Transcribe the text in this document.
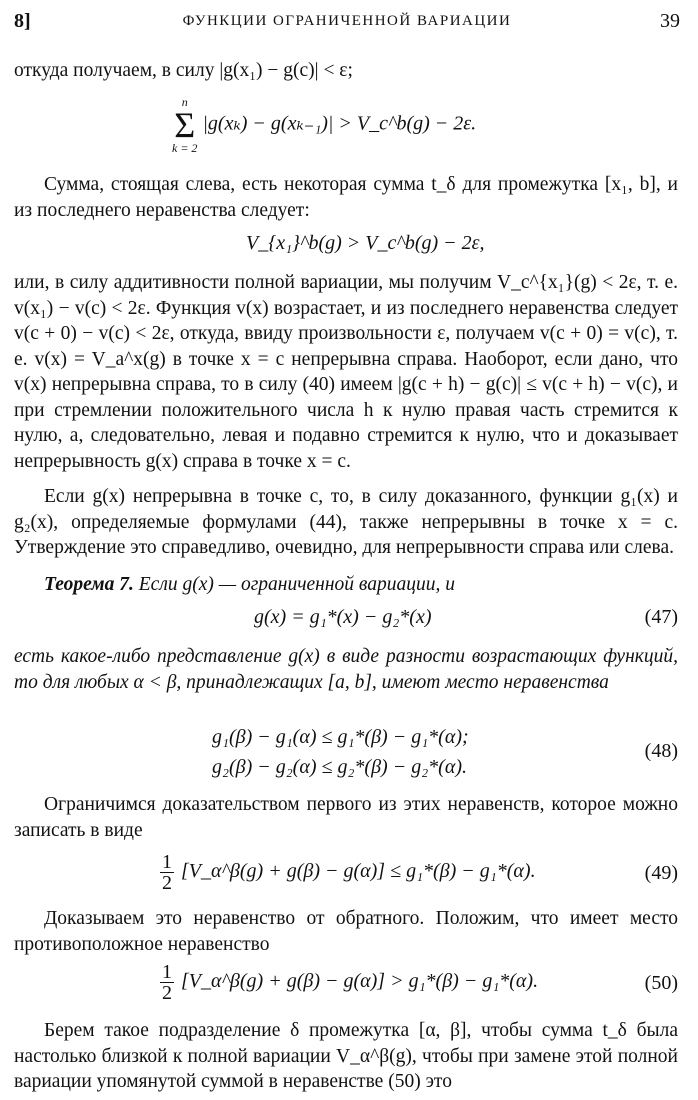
8]	ФУНКЦИИ ОГРАНИЧЕННОЙ ВАРИАЦИИ	39
откуда получаем, в силу |g(x₁) − g(c)| < ε;
n
Σ
k = 2
|g(xₖ) − g(xₖ₋₁)| > V_c^b(g) − 2ε.
Сумма, стоящая слева, есть некоторая сумма t_δ для промежутка [x₁, b], и из последнего неравенства следует:
V_{x₁}^b(g) > V_c^b(g) − 2ε,
или, в силу аддитивности полной вариации, мы получим V_c^{x₁}(g) < 2ε, т. е. v(x₁) − v(c) < 2ε. Функция v(x) возрастает, и из последнего неравенства следует v(c + 0) − v(c) < 2ε, откуда, ввиду произвольности ε, получаем v(c + 0) = v(c), т. е. v(x) = V_a^x(g) в точке x = c непрерывна справа. Наоборот, если дано, что v(x) непрерывна справа, то в силу (40) имеем |g(c + h) − g(c)| ≤ v(c + h) − v(c), и при стремлении положительного числа h к нулю правая часть стремится к нулю, а, следовательно, левая и подавно стремится к нулю, что и доказывает непрерывность g(x) справа в точке x = c.
Если g(x) непрерывна в точке c, то, в силу доказанного, функции g₁(x) и g₂(x), определяемые формулами (44), также непрерывны в точке x = c. Утверждение это справедливо, очевидно, для непрерывности справа или слева.
Теорема 7. Если g(x) — ограниченной вариации, и
g(x) = g₁*(x) − g₂*(x)	(47)
есть какое-либо представление g(x) в виде разности возрастающих функций, то для любых α < β, принадлежащих [a, b], имеют место неравенства
g₁(β) − g₁(α) ≤ g₁*(β) − g₁*(α);
g₂(β) − g₂(α) ≤ g₂*(β) − g₂*(α).
(48)
Ограничимся доказательством первого из этих неравенств, которое можно записать в виде
$\frac{1}{2}$ [V_α^β(g) + g(β) − g(α)] ≤ g₁*(β) − g₁*(α).	(49)
Доказываем это неравенство от обратного. Положим, что имеет место противоположное неравенство
$\frac{1}{2}$ [V_α^β(g) + g(β) − g(α)] > g₁*(β) − g₁*(α).	(50)
Берем такое подразделение δ промежутка [α, β], чтобы сумма t_δ была настолько близкой к полной вариации V_α^β(g), чтобы при замене этой полной вариации упомянутой суммой в неравенстве (50) это
